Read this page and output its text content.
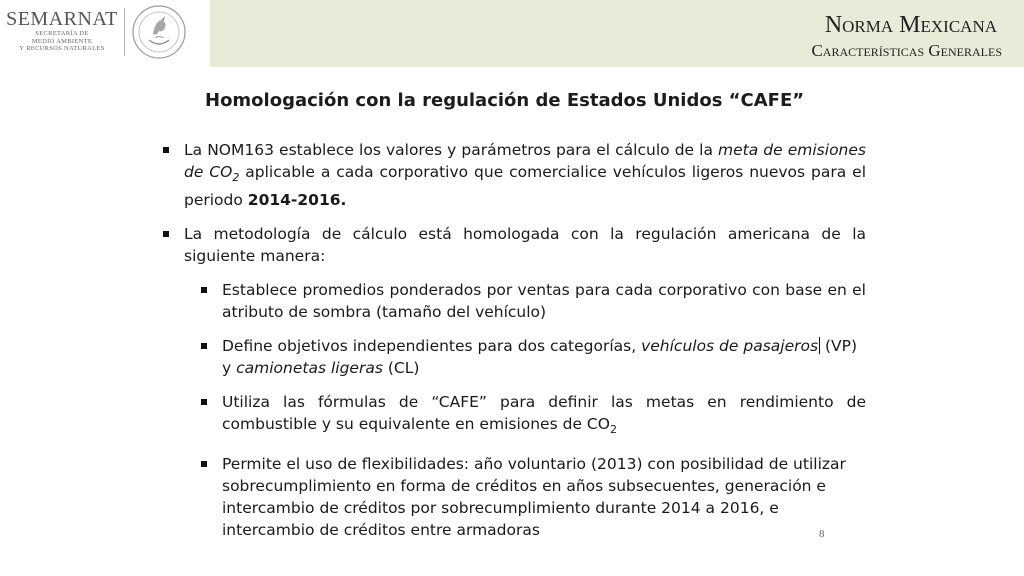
SEMARNAT
SECRETARÍA DE
MEDIO AMBIENTE
Y RECURSOS NATURALES
Norma Mexicana
Características Generales
Homologación con la regulación de Estados Unidos “CAFE”

La NOM163 establece los valores y parámetros para el cálculo de la meta de emisiones de $CO_2$ aplicable a cada corporativo que comercialice vehículos ligeros nuevos para el periodo 2014-2016.

La metodología de cálculo está homologada con la regulación americana de la siguiente manera:

Establece promedios ponderados por ventas para cada corporativo con base en el atributo de sombra (tamaño del vehículo)

Define objetivos independientes para dos categorías, vehículos de pasajeros (VP) y camionetas ligeras (CL)

Utiliza las fórmulas de “CAFE” para definir las metas en rendimiento de combustible y su equivalente en emisiones de $CO_2$

Permite el uso de flexibilidades: año voluntario (2013) con posibilidad de utilizar sobrecumplimiento en forma de créditos en años subsecuentes, generación e intercambio de créditos por sobrecumplimiento durante 2014 a 2016, e intercambio de créditos entre armadoras	8
